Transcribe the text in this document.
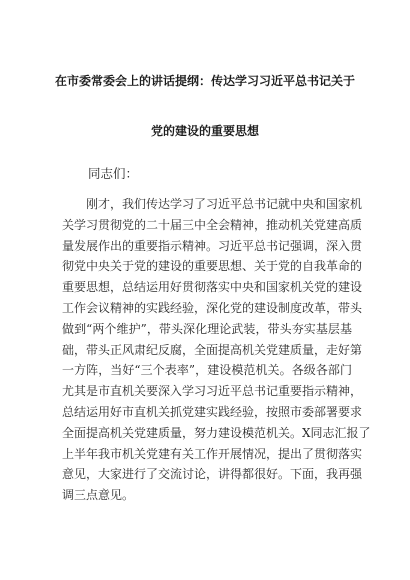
在市委常委会上的讲话提纲：传达学习习近平总书记关于
党的建设的重要思想
同志们：
刚才，我们传达学习了习近平总书记就中央和国家机
关学习贯彻党的二十届三中全会精神，推动机关党建高质
量发展作出的重要指示精神。习近平总书记强调，深入贯
彻党中央关于党的建设的重要思想、关于党的自我革命的
重要思想，总结运用好贯彻落实中央和国家机关党的建设
工作会议精神的实践经验，深化党的建设制度改革，带头
做到“两个维护”，带头深化理论武装，带头夯实基层基
础，带头正风肃纪反腐，全面提高机关党建质量，走好第
一方阵，当好“三个表率”，建设模范机关。各级各部门
尤其是市直机关要深入学习习近平总书记重要指示精神，
总结运用好市直机关抓党建实践经验，按照市委部署要求
全面提高机关党建质量，努力建设模范机关。X同志汇报了
上半年我市机关党建有关工作开展情况，提出了贯彻落实
意见，大家进行了交流讨论，讲得都很好。下面，我再强
调三点意见。
